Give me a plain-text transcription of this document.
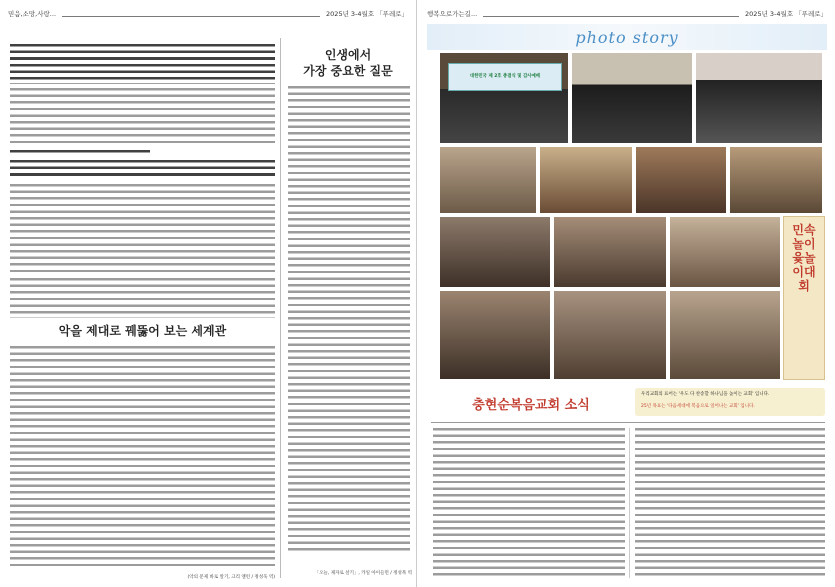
믿음,소망,사랑...	2025년 3-4월호 「푸레로」
악을 제대로 꿰뚫어 보는 세계관
(악의 문제 바로 알기, 크리 앨런 / 정성욱 역)
인생에서
가장 중요한 질문
「오늘, 제자로 살기」, 카일 아이들먼 / 정성묵 역
행복으로가는길...	2025년 3-4월호 「푸레로」
photo story
대한민국 제 2호 총결식 및 감사예배
민속놀이 윷놀이대회
충현순복음교회 소식
우리교회의 표어는 '우도 다 찬송할 하나님을 높이는 교회' 입니다.
25년 목표는 '다음세대에 복음으로 일어나는 교회' 입니다.
